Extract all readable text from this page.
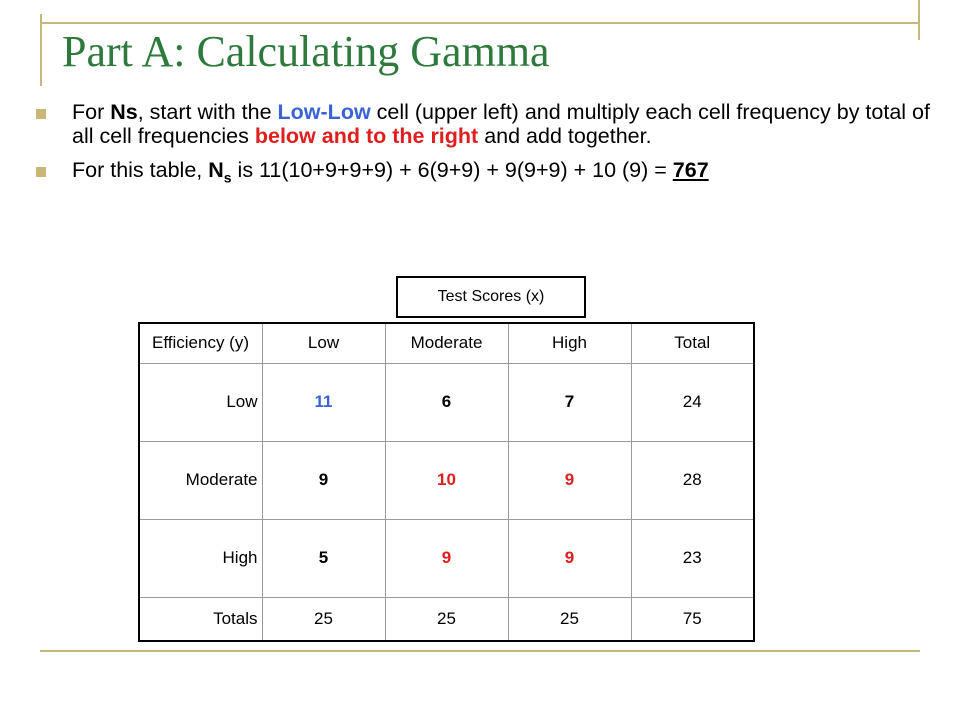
Part A: Calculating Gamma
For Ns, start with the Low-Low cell (upper left) and multiply each cell frequency by total of all cell frequencies below and to the right and add together.
For this table, $N_s$ is 11(10+9+9+9) + 6(9+9) + 9(9+9) + 10 (9) = 767
Test Scores (x)
Efficiency (y)	Low	Moderate	High	Total
Low	11	6	7	24
Moderate	9	10	9	28
High	5	9	9	23
Totals	25	25	25	75
